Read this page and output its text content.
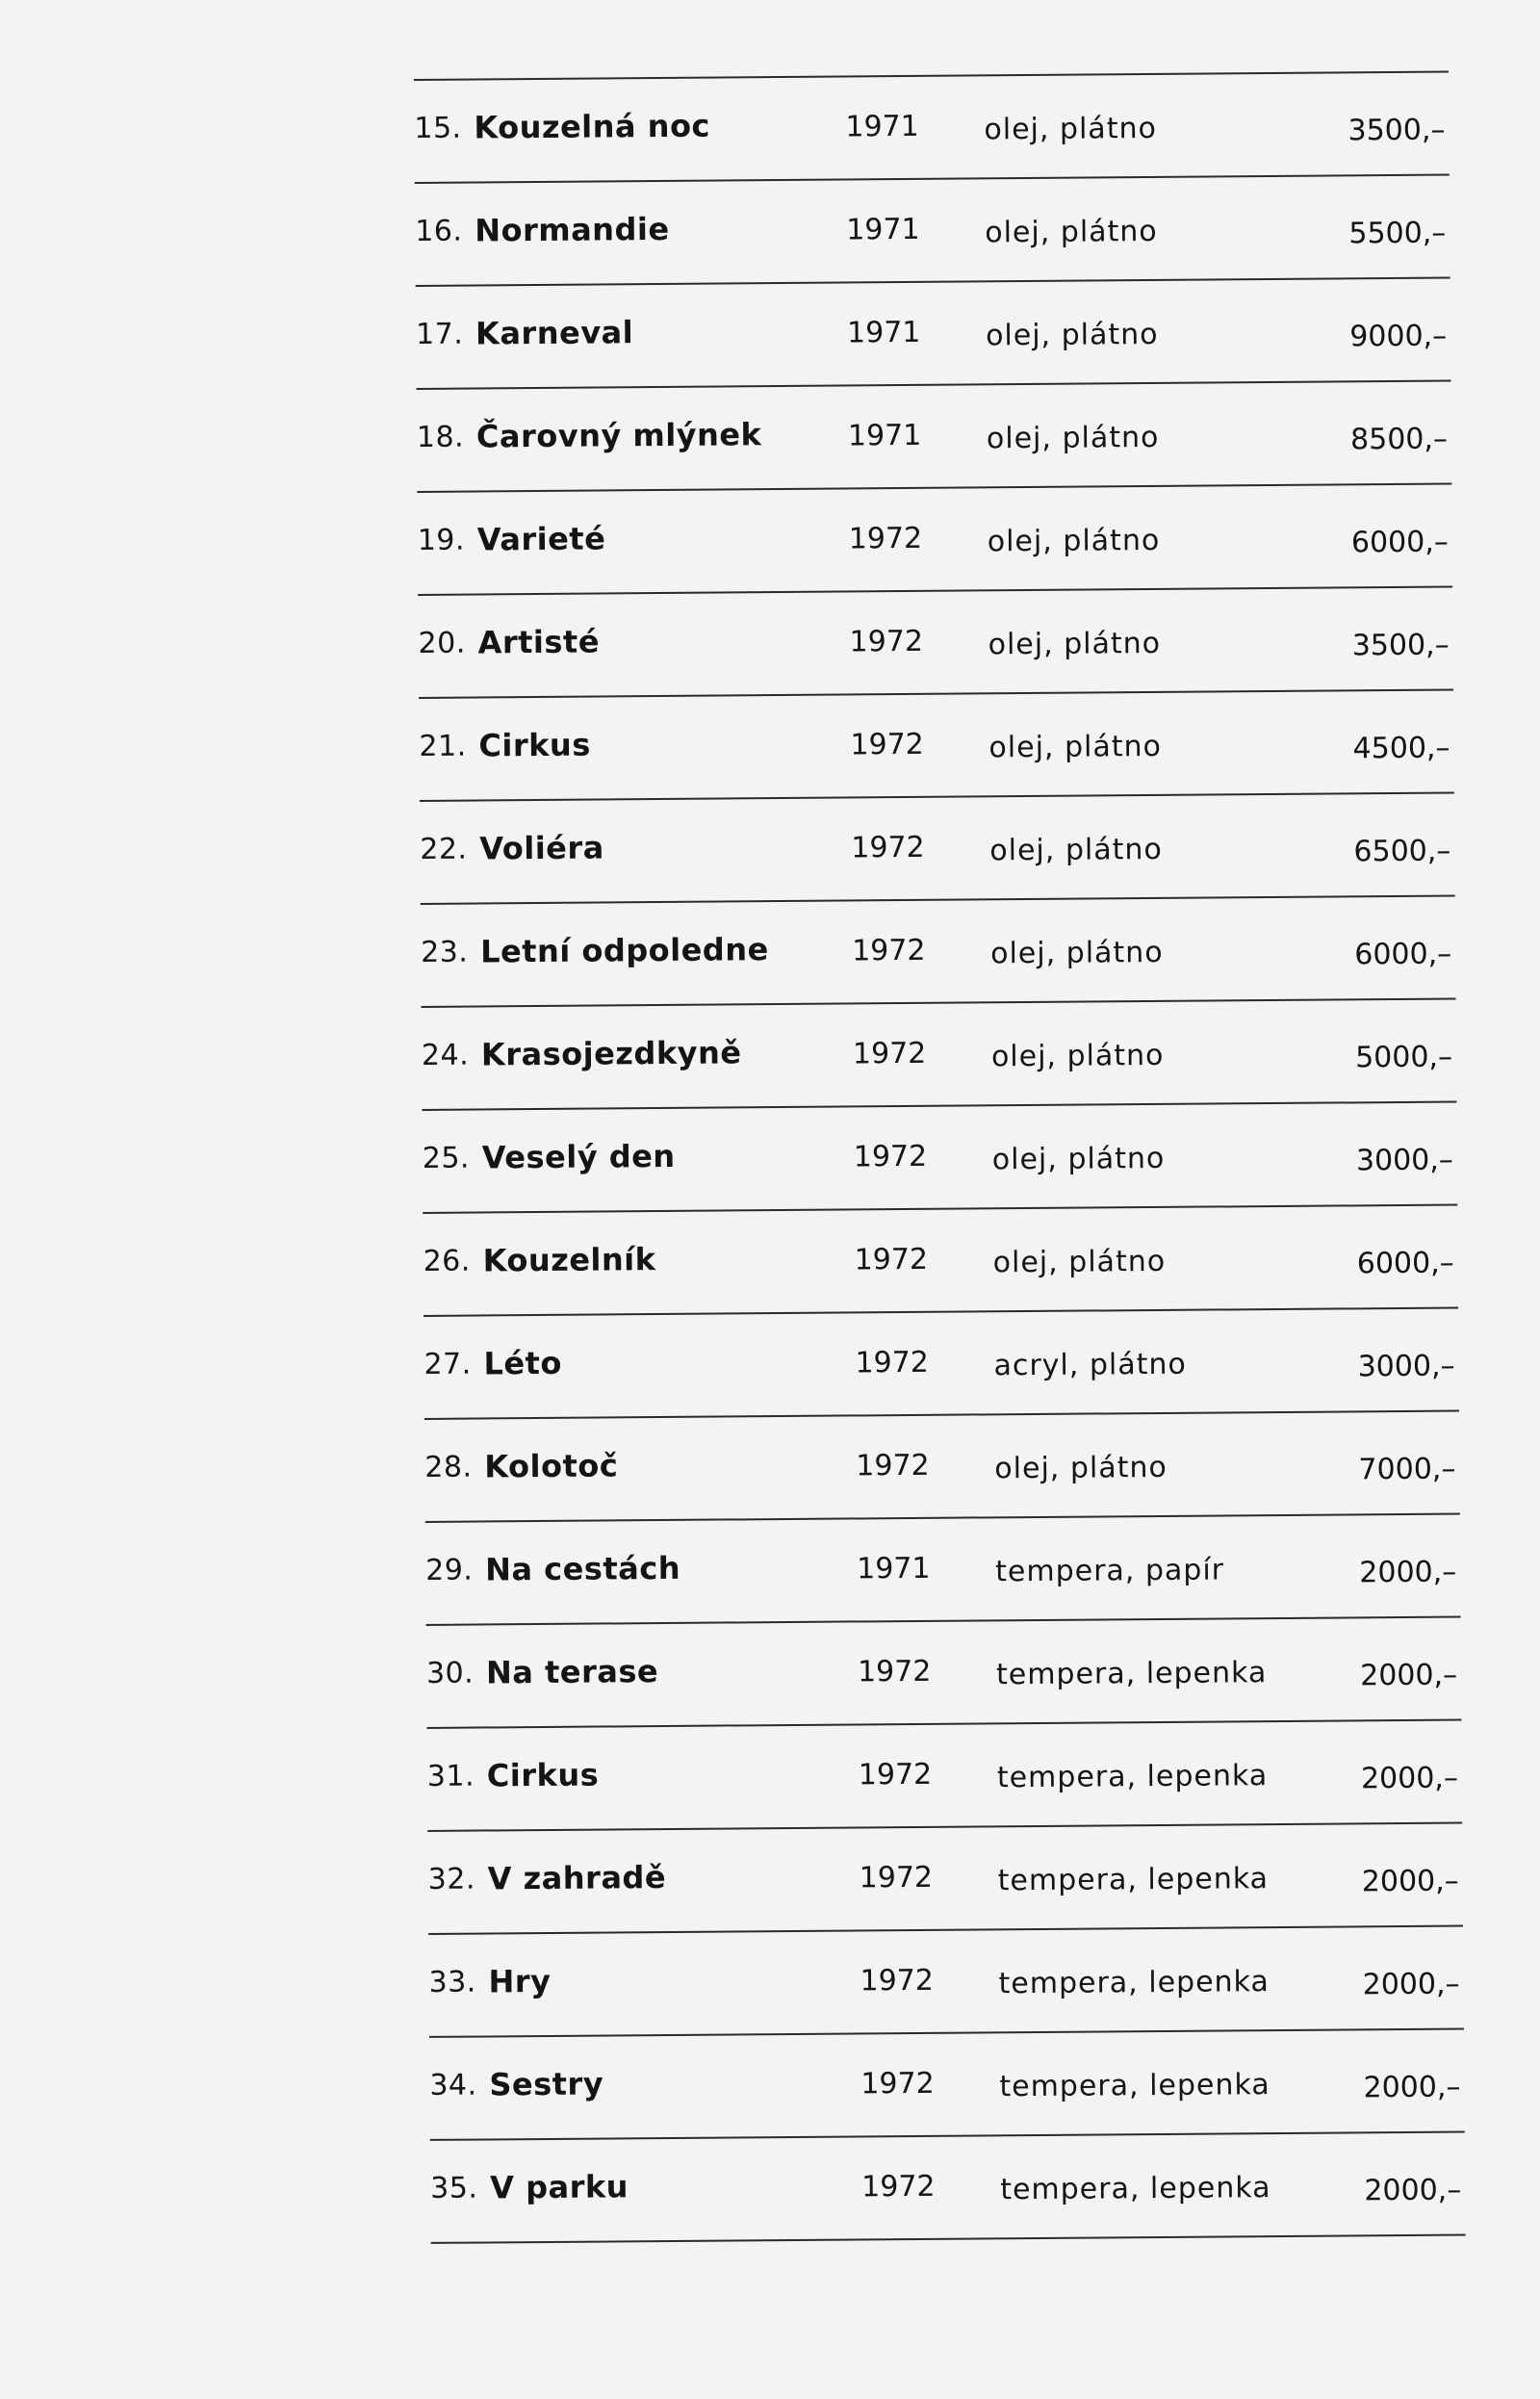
15. Kouzelná noc	1971 olej, plátno	3500,–
16. Normandie	1971 olej, plátno	5500,–
17. Karneval	1971 olej, plátno	9000,–
18. Čarovný mlýnek	1971 olej, plátno	8500,–
19. Varieté	1972 olej, plátno	6000,–
20. Artisté	1972 olej, plátno	3500,–
21. Cirkus	1972 olej, plátno	4500,–
22. Voliéra	1972 olej, plátno	6500,–
23. Letní odpoledne	1972 olej, plátno	6000,–
24. Krasojezdkyně	1972 olej, plátno	5000,–
25. Veselý den	1972 olej, plátno	3000,–
26. Kouzelník	1972 olej, plátno	6000,–
27. Léto	1972 acryl, plátno	3000,–
28. Kolotoč	1972 olej, plátno	7000,–
29. Na cestách	1971 tempera, papír	2000,–
30. Na terase	1972 tempera, lepenka	2000,–
31. Cirkus	1972 tempera, lepenka	2000,–
32. V zahradě	1972 tempera, lepenka	2000,–
33. Hry	1972 tempera, lepenka	2000,–
34. Sestry	1972 tempera, lepenka	2000,–
35. V parku	1972 tempera, lepenka	2000,–
